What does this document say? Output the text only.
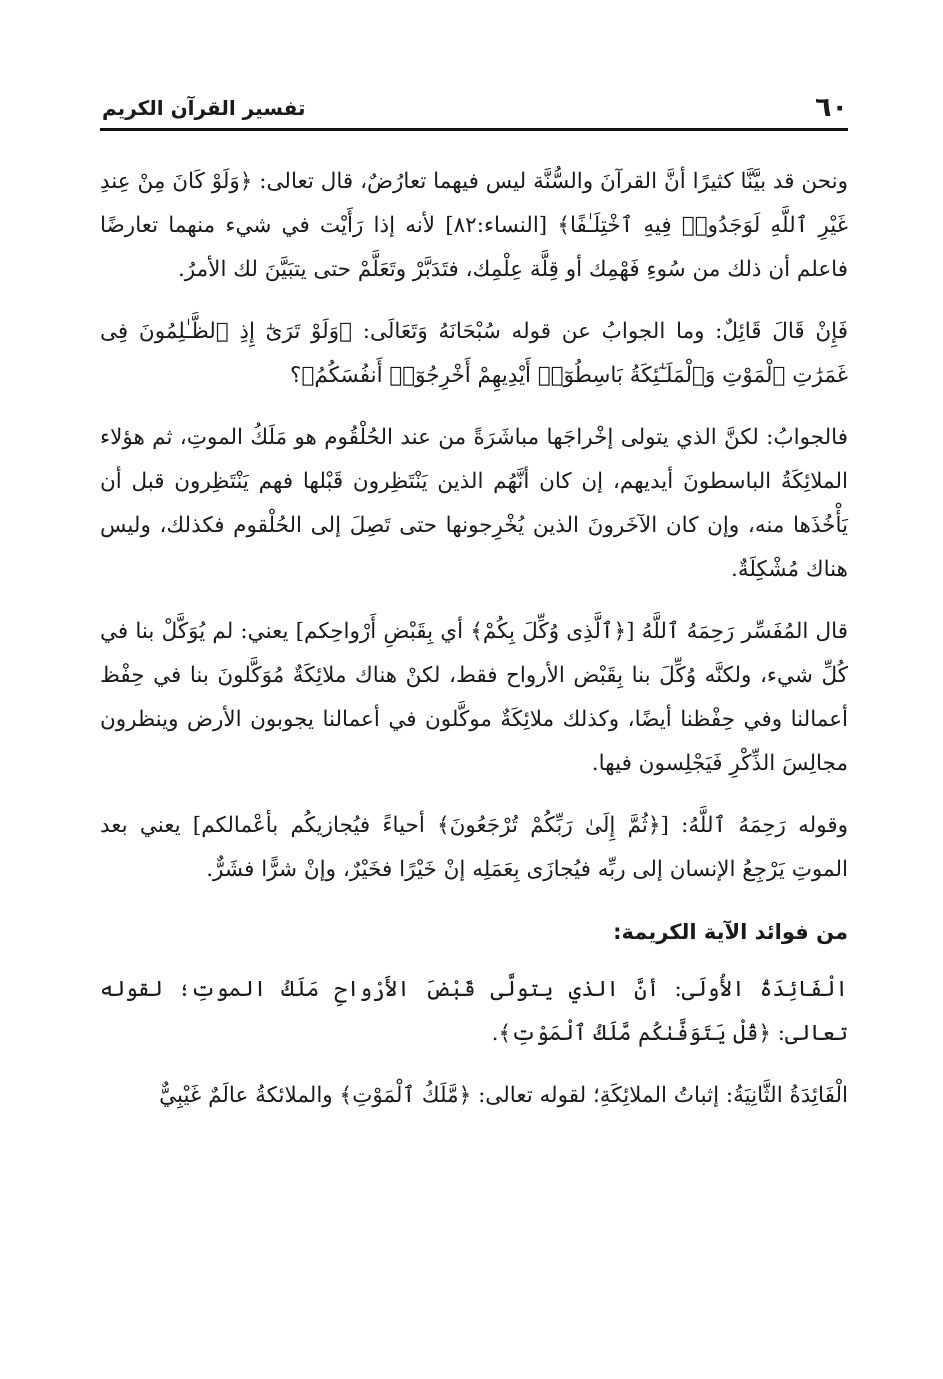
٦٠
تفسير القرآن الكريم

ونحن قد بيَّنَّا كثيرًا أنَّ القرآنَ والسُّنَّة ليس فيهما تعارُضٌ، قال تعالى: ﴿وَلَوْ كَانَ مِنْ عِندِ غَيْرِ ٱللَّهِ لَوَجَدُوا۟ فِيهِ ٱخْتِلَـٰفًا﴾ [النساء:٨٢] لأنه إذا رَأَيْت في شيء منهما تعارضًا فاعلم أن ذلك من سُوءِ فَهْمِك أو قِلَّة عِلْمِك، فتَدَبَّرْ وتَعَلَّمْ حتى يتبَيَّنَ لك الأمرُ.

فَإِنْ قَالَ قَائِلٌ: وما الجوابُ عن قوله سُبْحَانَهُ وَتَعَالَى: ﴿وَلَوْ تَرَىٰٓ إِذِ ٱلظَّـٰلِمُونَ فِى غَمَرَٰتِ ٱلْمَوْتِ وَٱلْمَلَـٰٓئِكَةُ بَاسِطُوٓا۟ أَيْدِيهِمْ أَخْرِجُوٓا۟ أَنفُسَكُمُ﴾؟

فالجوابُ: لكنَّ الذي يتولى إخْراجَها مباشَرَةً من عند الحُلْقُوم هو مَلَكُ الموتِ، ثم هؤلاء الملائِكَةُ الباسطونَ أيديهم، إن كان أنَّهُم الذين يَنْتَظِرون قَبْلها فهم يَنْتَظِرون قبل أن يَأْخُذَها منه، وإن كان الآخَرونَ الذين يُخْرِجونها حتى تَصِلَ إلى الحُلْقوم فكذلك، وليس هناك مُشْكِلَةٌ.

قال المُفَسِّر رَحِمَهُ ٱللَّهُ [﴿ٱلَّذِى وُكِّلَ بِكُمْ﴾ أي بِقَبْضِ أَرْواحِكم] يعني: لم يُوَكَّلْ بنا في كُلِّ شيء، ولكنَّه وُكِّلَ بنا بِقَبْض الأرواح فقط، لكنْ هناك ملائِكَةٌ مُوَكَّلونَ بنا في حِفْظ أعمالنا وفي حِفْظنا أيضًا، وكذلك ملائِكَةٌ موكَّلون في أعمالنا يجوبون الأرض وينظرون مجالِسَ الذِّكْرِ فَيَجْلِسون فيها.

وقوله رَحِمَهُ ٱللَّهُ: [﴿ثُمَّ إِلَىٰ رَبِّكُمْ تُرْجَعُونَ﴾ أحياءً فيُجازيكُم بأعْمالكم] يعني بعد الموتِ يَرْجِعُ الإنسان إلى ربِّه فيُجازَى بِعَمَلِه إنْ خَيْرًا فخَيْرٌ، وإنْ شرًّا فشَرٌّ.

من فوائد الآية الكريمة:

الْفَائِدَةُ الأُولَى: أنَّ الذي يتولَّى قَبْضَ الأَرْواحِ مَلَكُ الموتِ؛ لقوله تعالى: ﴿قُلْ يَتَوَفَّىٰكُم مَّلَكُ ٱلْمَوْتِ﴾.

الْفَائِدَةُ الثَّانِيَةُ: إثباتُ الملائِكَةِ؛ لقوله تعالى: ﴿مَّلَكُ ٱلْمَوْتِ﴾ والملائكةُ عالَمٌ غَيْبِيٌّ
